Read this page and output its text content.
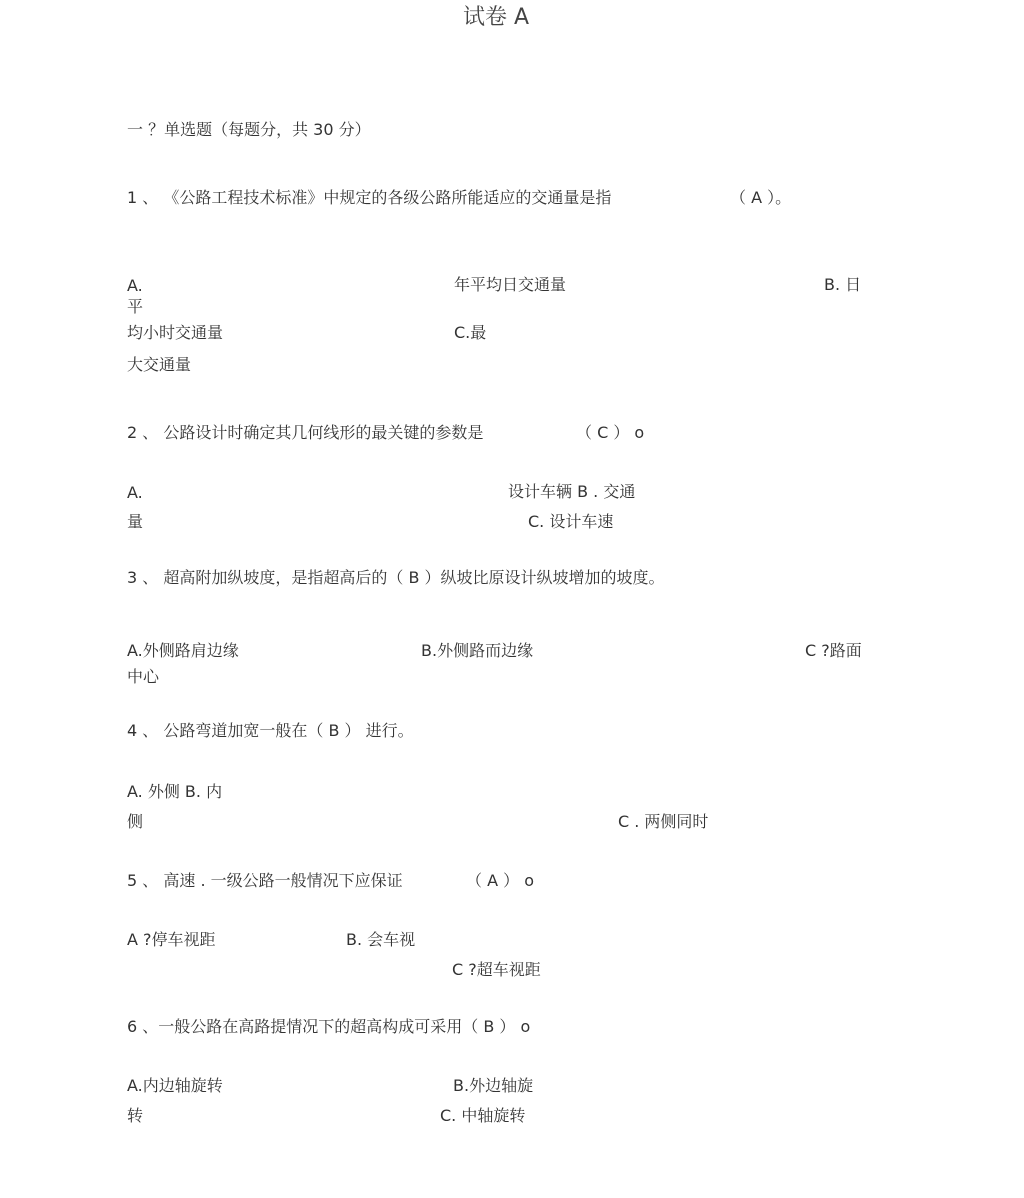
试卷 A
一 ？单选题（每题分，共 30 分）
1 、 《公路工程技术标准》中规定的各级公路所能适应的交通量是指	（ A ）。
A.	年平均日交通量	B. 日
平
均小时交通量	C.最
大交通量
2 、 公路设计时确定其几何线形的最关键的参数是	（ C ） o
A.	设计车辆 B . 交通
量	C. 设计车速
3 、 超高附加纵坡度，是指超高后的（ B ）纵坡比原设计纵坡增加的坡度。
A.外侧路肩边缘	B.外侧路而边缘	C ?路面
中心
4 、 公路弯道加宽一般在（ B ） 进行。
A. 外侧 B. 内
侧	C . 两侧同时
5 、 高速 . 一级公路一般情况下应保证	（ A ） o
A ?停车视距	B. 会车视
C ?超车视距
6 、一般公路在高路提情况下的超高构成可采用（ B ） o
A.内边轴旋转	B.外边轴旋
转	C. 中轴旋转
